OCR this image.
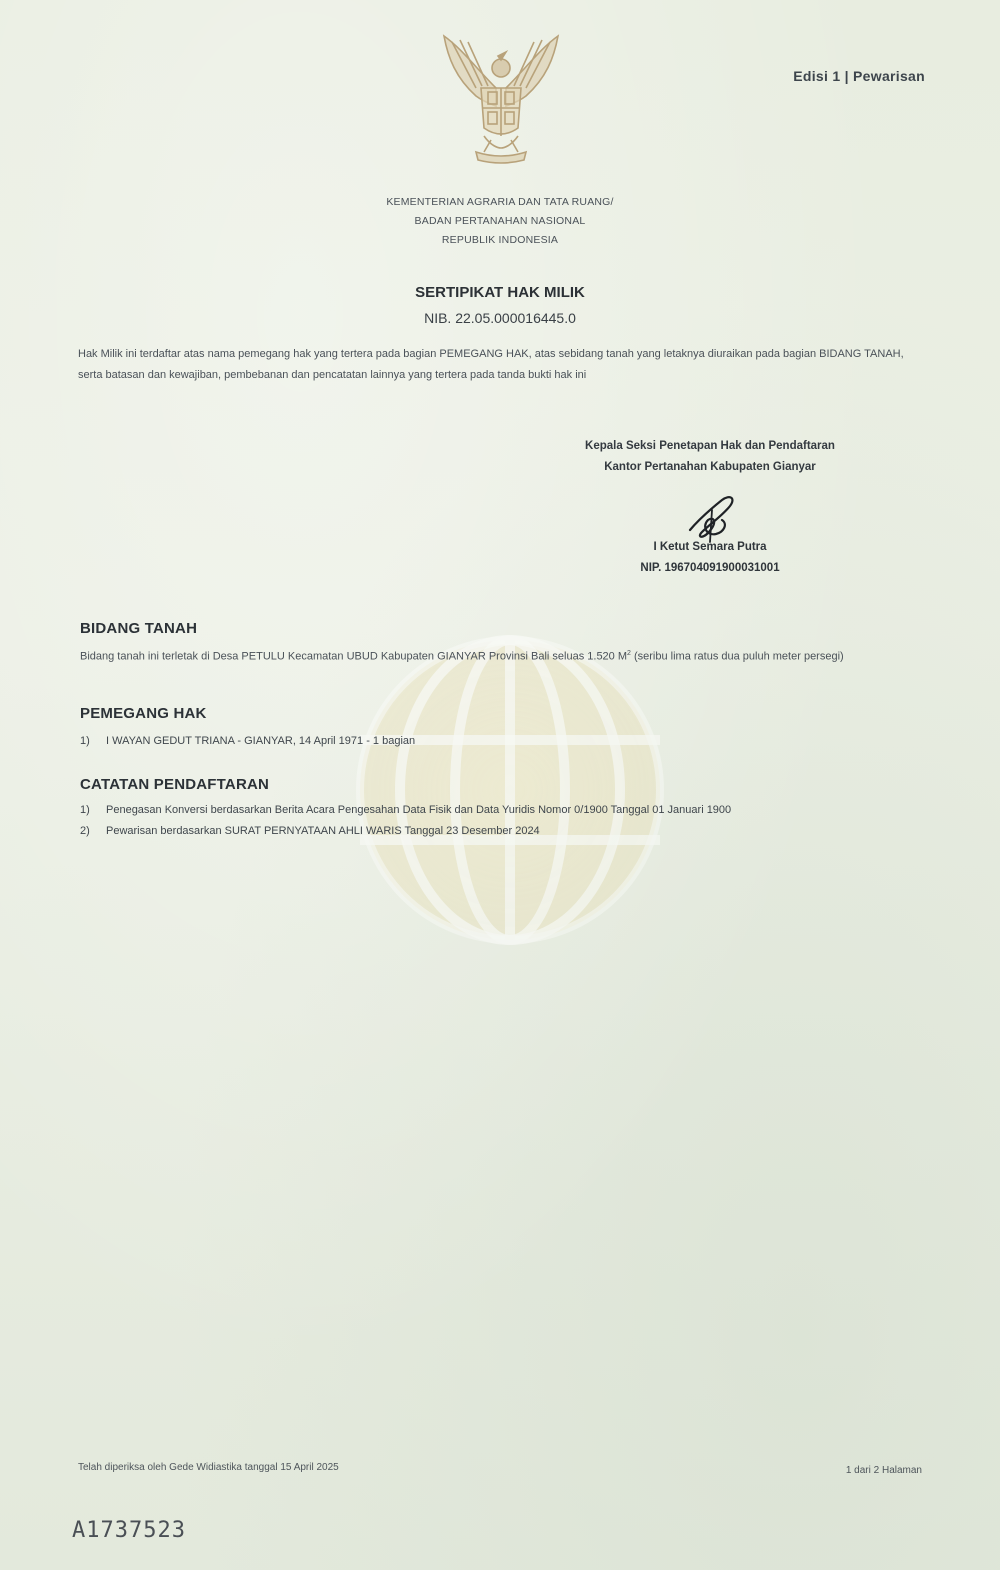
Edisi 1 | Pewarisan
KEMENTERIAN AGRARIA DAN TATA RUANG/
BADAN PERTANAHAN NASIONAL
REPUBLIK INDONESIA
SERTIPIKAT HAK MILIK
NIB. 22.05.000016445.0
Hak Milik ini terdaftar atas nama pemegang hak yang tertera pada bagian PEMEGANG HAK, atas sebidang tanah yang letaknya diuraikan pada bagian BIDANG TANAH, serta batasan dan kewajiban, pembebanan dan pencatatan lainnya yang tertera pada tanda bukti hak ini
Kepala Seksi Penetapan Hak dan Pendaftaran
Kantor Pertanahan Kabupaten Gianyar
I Ketut Semara Putra
NIP. 196704091900031001
BIDANG TANAH
Bidang tanah ini terletak di Desa PETULU Kecamatan UBUD Kabupaten GIANYAR Provinsi Bali seluas 1.520 $M^2$ (seribu lima ratus dua puluh meter persegi)
PEMEGANG HAK
1)	I WAYAN GEDUT TRIANA - GIANYAR, 14 April 1971 - 1 bagian
CATATAN PENDAFTARAN
1)	Penegasan Konversi berdasarkan Berita Acara Pengesahan Data Fisik dan Data Yuridis Nomor 0/1900 Tanggal 01 Januari 1900
2)	Pewarisan berdasarkan SURAT PERNYATAAN AHLI WARIS Tanggal 23 Desember 2024
Telah diperiksa oleh Gede Widiastika tanggal 15 April 2025	1 dari 2 Halaman
A1737523
